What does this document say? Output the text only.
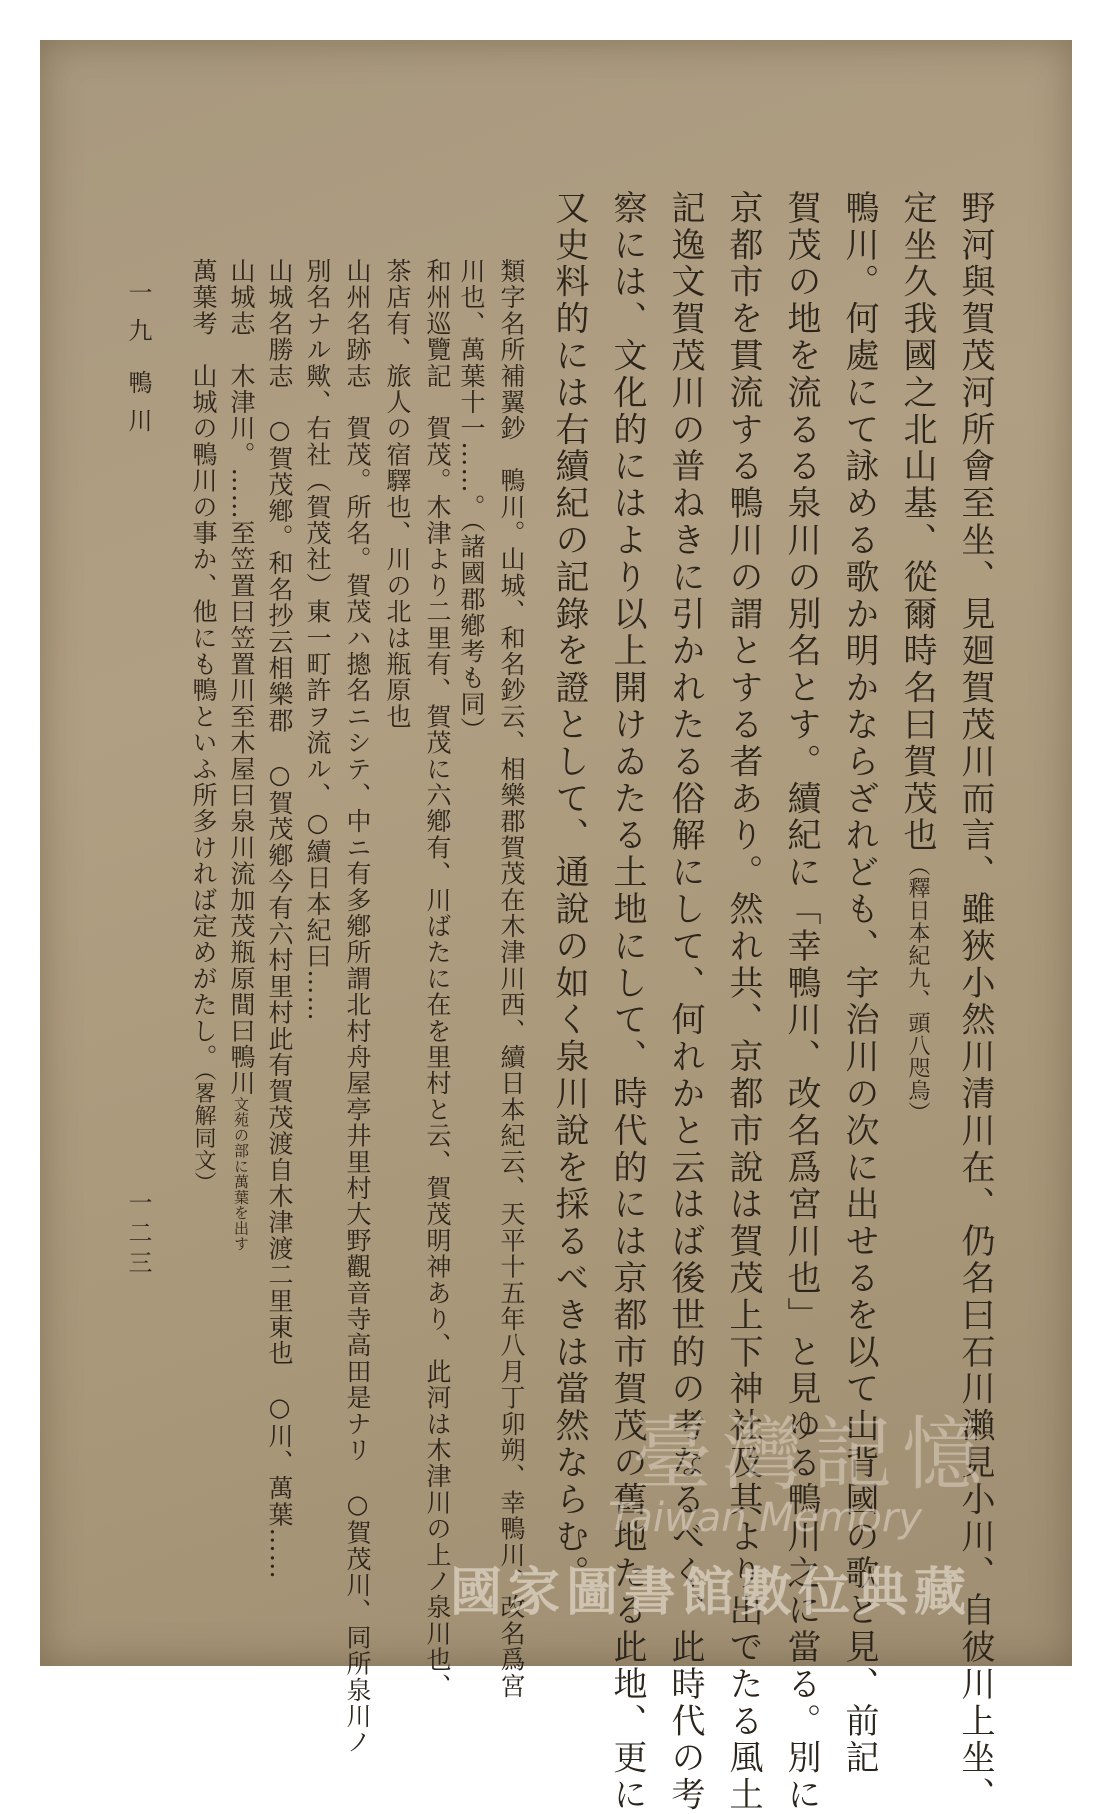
野河與賀茂河所會至坐、見廻賀茂川而言、雖狹小然川清川在、仍名曰石川瀨見小川、自彼川上坐、
定坐久我國之北山基、從爾時名曰賀茂也（釋日本紀九、頭八咫烏）
鴨川。何處にて詠める歌か明かならざれども、宇治川の次に出せるを以て山背國の歌と見、前記
賀茂の地を流るる泉川の別名とす。續紀に「幸鴨川、改名爲宮川也」と見ゆる鴨川之に當る。別に
京都市を貫流する鴨川の謂とする者あり。然れ共、京都市說は賀茂上下神社及其より出でたる風土
記逸文賀茂川の普ねきに引かれたる俗解にして、何れかと云はば後世的の考なるべく、此時代の考
察には、文化的にはより以上開けゐたる土地にして、時代的には京都市賀茂の舊地たる此地、更に
又史料的には右續紀の記錄を證として、通說の如く泉川說を採るべきは當然ならむ。
類字名所補翼鈔　鴨川。山城、和名鈔云、相樂郡賀茂在木津川西、續日本紀云、天平十五年八月丁卯朔、幸鴨川、改名爲宮
川也、萬葉十一……。（諸國郡鄕考も同）
和州巡覽記　賀茂。木津より二里有、賀茂に六鄕有、川ばたに在を里村と云、賀茂明神あり、此河は木津川の上ノ泉川也、
茶店有、旅人の宿驛也、川の北は瓶原也
山州名跡志　賀茂。所名。賀茂ハ摠名ニシテ、中ニ有多鄕所謂北村舟屋亭井里村大野觀音寺高田是ナリ　○賀茂川、同所泉川ノ
別名ナル歟、右社（賀茂社）東一町許ヲ流ル、○續日本紀曰……
山城名勝志　○賀茂鄕。和名抄云相樂郡　○賀茂鄕今有六村里村此有賀茂渡自木津渡二里東也　○川、萬葉……
山城志　木津川。……至笠置曰笠置川至木屋曰泉川流加茂瓶原間曰鴨川文苑の部に萬葉を出す
萬葉考　山城の鴨川の事か、他にも鴨といふ所多ければ定めがたし。（畧解同文）
一九
鴨川
一二三
臺灣記憶
Taiwan Memory
國家圖書館數位典藏
